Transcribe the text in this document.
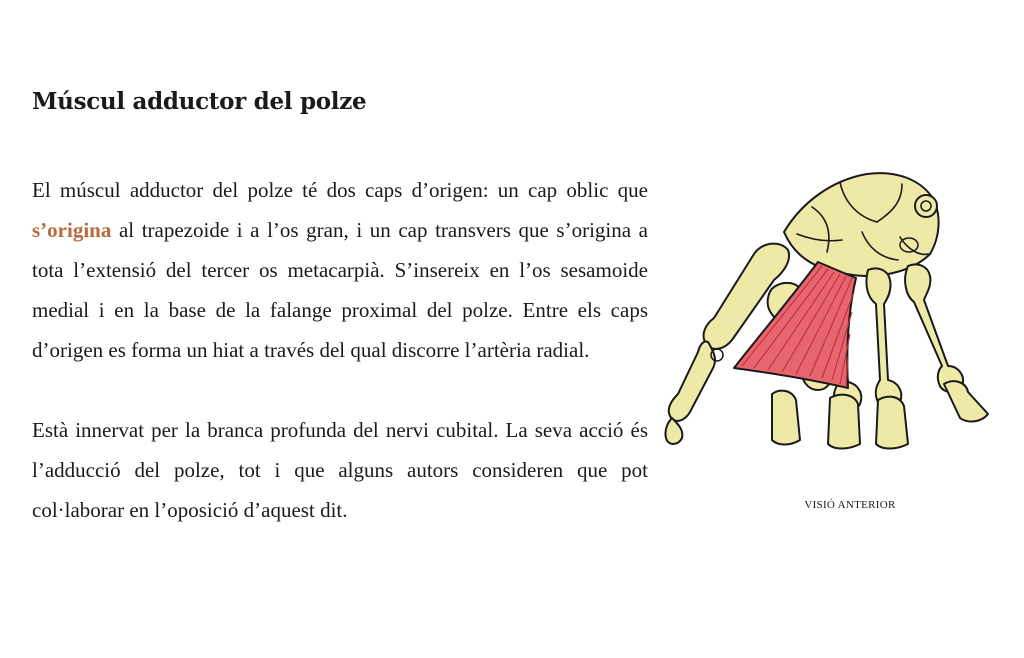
Múscul adductor del polze

El múscul adductor del polze té dos caps d’origen: un cap oblic que s’origina al trapezoide i a l’os gran, i un cap transvers que s’origina a tota l’extensió del tercer os metacarpià. S’insereix en l’os sesamoide medial i en la base de la falange proximal del polze. Entre els caps d’origen es forma un hiat a través del qual discorre l’artèria radial.

Està innervat per la branca profunda del nervi cubital. La seva acció és l’adducció del polze, tot i que alguns autors consideren que pot col·laborar en l’oposició d’aquest dit.	VISIÓ ANTERIOR
